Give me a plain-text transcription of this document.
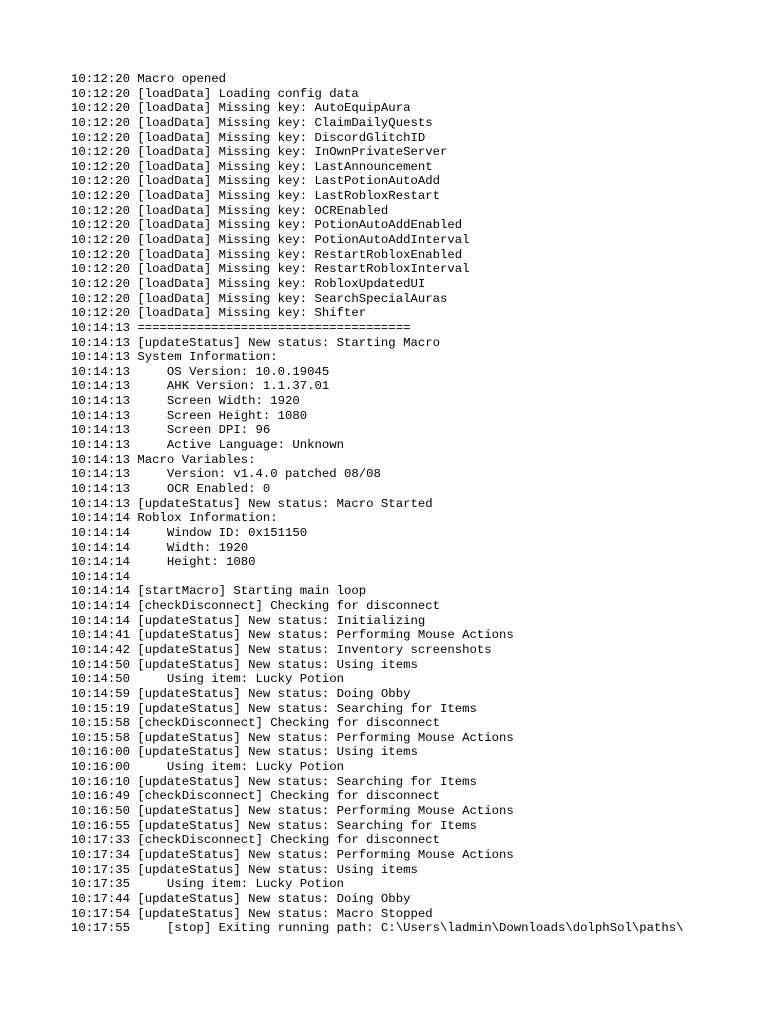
10:12:20 Macro opened
10:12:20 [loadData] Loading config data
10:12:20 [loadData] Missing key: AutoEquipAura
10:12:20 [loadData] Missing key: ClaimDailyQuests
10:12:20 [loadData] Missing key: DiscordGlitchID
10:12:20 [loadData] Missing key: InOwnPrivateServer
10:12:20 [loadData] Missing key: LastAnnouncement
10:12:20 [loadData] Missing key: LastPotionAutoAdd
10:12:20 [loadData] Missing key: LastRobloxRestart
10:12:20 [loadData] Missing key: OCREnabled
10:12:20 [loadData] Missing key: PotionAutoAddEnabled
10:12:20 [loadData] Missing key: PotionAutoAddInterval
10:12:20 [loadData] Missing key: RestartRobloxEnabled
10:12:20 [loadData] Missing key: RestartRobloxInterval
10:12:20 [loadData] Missing key: RobloxUpdatedUI
10:12:20 [loadData] Missing key: SearchSpecialAuras
10:12:20 [loadData] Missing key: Shifter
10:14:13 =====================================
10:14:13 [updateStatus] New status: Starting Macro
10:14:13 System Information:
10:14:13     OS Version: 10.0.19045
10:14:13     AHK Version: 1.1.37.01
10:14:13     Screen Width: 1920
10:14:13     Screen Height: 1080
10:14:13     Screen DPI: 96
10:14:13     Active Language: Unknown
10:14:13 Macro Variables:
10:14:13     Version: v1.4.0 patched 08/08
10:14:13     OCR Enabled: 0
10:14:13 [updateStatus] New status: Macro Started
10:14:14 Roblox Information:
10:14:14     Window ID: 0x151150
10:14:14     Width: 1920
10:14:14     Height: 1080
10:14:14
10:14:14 [startMacro] Starting main loop
10:14:14 [checkDisconnect] Checking for disconnect
10:14:14 [updateStatus] New status: Initializing
10:14:41 [updateStatus] New status: Performing Mouse Actions
10:14:42 [updateStatus] New status: Inventory screenshots
10:14:50 [updateStatus] New status: Using items
10:14:50     Using item: Lucky Potion
10:14:59 [updateStatus] New status: Doing Obby
10:15:19 [updateStatus] New status: Searching for Items
10:15:58 [checkDisconnect] Checking for disconnect
10:15:58 [updateStatus] New status: Performing Mouse Actions
10:16:00 [updateStatus] New status: Using items
10:16:00     Using item: Lucky Potion
10:16:10 [updateStatus] New status: Searching for Items
10:16:49 [checkDisconnect] Checking for disconnect
10:16:50 [updateStatus] New status: Performing Mouse Actions
10:16:55 [updateStatus] New status: Searching for Items
10:17:33 [checkDisconnect] Checking for disconnect
10:17:34 [updateStatus] New status: Performing Mouse Actions
10:17:35 [updateStatus] New status: Using items
10:17:35     Using item: Lucky Potion
10:17:44 [updateStatus] New status: Doing Obby
10:17:54 [updateStatus] New status: Macro Stopped
10:17:55     [stop] Exiting running path: C:\Users\ladmin\Downloads\dolphSol\paths\
